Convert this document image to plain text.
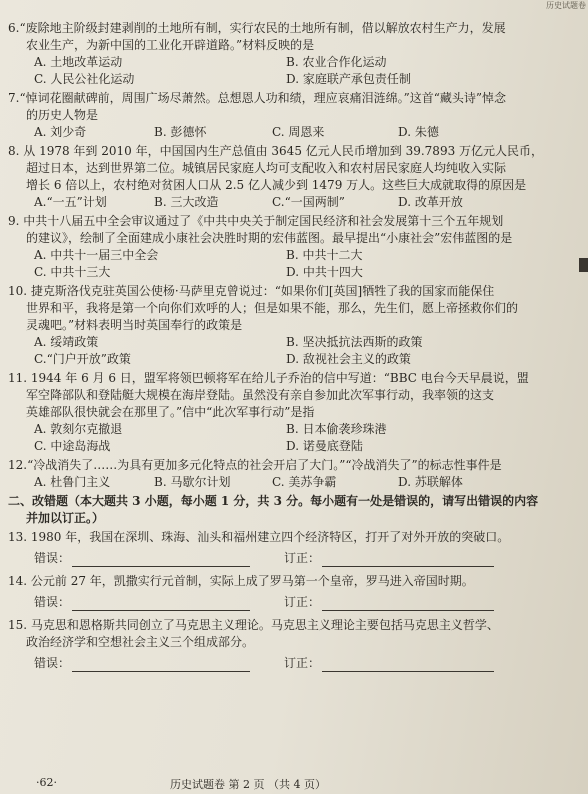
历史试题卷
6.“废除地主阶级封建剥削的土地所有制，实行农民的土地所有制，借以解放农村生产力，发展
农业生产，为新中国的工业化开辟道路。”材料反映的是
A. 土地改革运动	B. 农业合作化运动
C. 人民公社化运动	D. 家庭联产承包责任制
7.“悼词花圈献碑前，周围广场尽萧然。总想恩人功和绩，理应哀痛泪涟绵。”这首“藏头诗”悼念
的历史人物是
A. 刘少奇	B. 彭德怀	C. 周恩来	D. 朱德
8. 从 1978 年到 2010 年，中国国内生产总值由 3645 亿元人民币增加到 39.7893 万亿元人民币，
超过日本，达到世界第二位。城镇居民家庭人均可支配收入和农村居民家庭人均纯收入实际
增长 6 倍以上，农村绝对贫困人口从 2.5 亿人减少到 1479 万人。这些巨大成就取得的原因是
A.“一五”计划	B. 三大改造	C.“一国两制”	D. 改革开放
9. 中共十八届五中全会审议通过了《中共中央关于制定国民经济和社会发展第十三个五年规划
的建议》，绘制了全面建成小康社会决胜时期的宏伟蓝图。最早提出“小康社会”宏伟蓝图的是
A. 中共十一届三中全会	B. 中共十二大
C. 中共十三大	D. 中共十四大
10. 捷克斯洛伐克驻英国公使杨·马萨里克曾说过：“如果你们[英国]牺牲了我的国家而能保住
世界和平，我将是第一个向你们欢呼的人；但是如果不能，那么，先生们，愿上帝拯救你们的
灵魂吧。”材料表明当时英国奉行的政策是
A. 绥靖政策	B. 坚决抵抗法西斯的政策
C.“门户开放”政策	D. 敌视社会主义的政策
11. 1944 年 6 月 6 日，盟军将领巴顿将军在给儿子乔治的信中写道：“BBC 电台今天早晨说，盟
军空降部队和登陆艇大规模在海岸登陆。虽然没有亲自参加此次军事行动，我率领的这支
英雄部队很快就会在那里了。”信中“此次军事行动”是指
A. 敦刻尔克撤退	B. 日本偷袭珍珠港
C. 中途岛海战	D. 诺曼底登陆
12.“冷战消失了……为具有更加多元化特点的社会开启了大门。”“冷战消失了”的标志性事件是
A. 杜鲁门主义	B. 马歇尔计划	C. 美苏争霸	D. 苏联解体
二、改错题（本大题共 3 小题，每小题 1 分，共 3 分。每小题有一处是错误的，请写出错误的内容
并加以订正。）
13. 1980 年，我国在深圳、珠海、汕头和福州建立四个经济特区，打开了对外开放的突破口。
错误：	订正：
14. 公元前 27 年，凯撒实行元首制，实际上成了罗马第一个皇帝，罗马进入帝国时期。
错误：	订正：
15. 马克思和恩格斯共同创立了马克思主义理论。马克思主义理论主要包括马克思主义哲学、
政治经济学和空想社会主义三个组成部分。
错误：	订正：
·62·	历史试题卷 第 2 页 （共 4 页）
